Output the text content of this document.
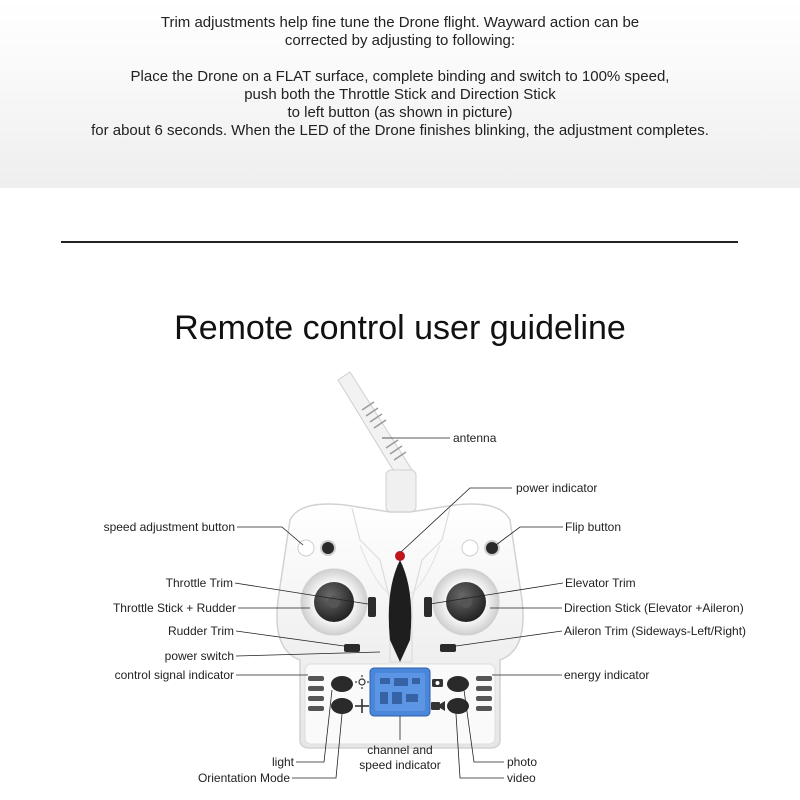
Trim adjustments help fine tune the Drone flight. Wayward action can be

corrected by adjusting to following:

Place the Drone on a FLAT surface, complete binding and switch to 100% speed,

push both the Throttle Stick and Direction Stick

to left button (as shown in picture)

for about 6 seconds. When the LED of the Drone finishes blinking, the adjustment completes.

Remote control user guideline
antenna
power indicator
speed adjustment button	Flip button
Throttle Trim	Elevator Trim
Throttle Stick + Rudder	Direction Stick (Elevator +Aileron)
Rudder Trim	Aileron Trim (Sideways-Left/Right)
power switch
control signal indicator	energy indicator
channel and
speed indicator
light
Orientation Mode
photo
video
